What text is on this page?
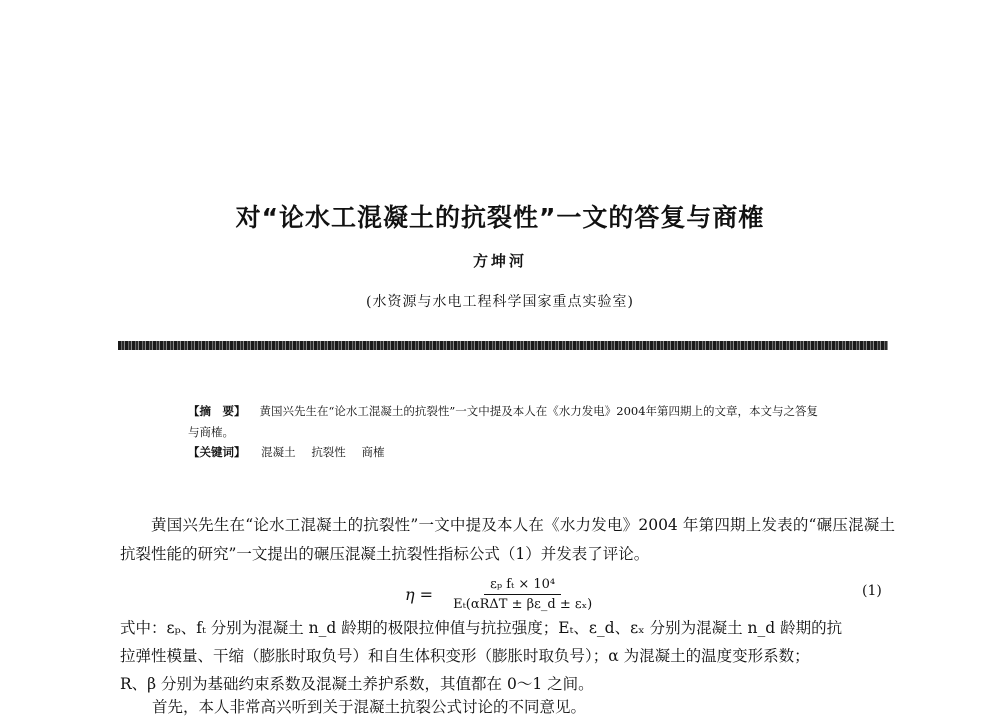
对“论水工混凝土的抗裂性”一文的答复与商榷
方坤河
(水资源与水电工程科学国家重点实验室)
【摘　要】 黄国兴先生在“论水工混凝土的抗裂性”一文中提及本人在《水力发电》2004年第四期上的文章，本文与之答复与商榷。
【关键词】 混凝土 抗裂性 商榷

黄国兴先生在“论水工混凝土的抗裂性”一文中提及本人在《水力发电》2004 年第四期上发表的“碾压混凝土抗裂性能的研究”一文提出的碾压混凝土抗裂性指标公式（1）并发表了评论。

$\eta = \frac{\text{εₚ fₜ × 10⁴}}{\text{Eₜ(αRΔT ± βε\_d ± εₓ)}}$	(1)

式中：εₚ、fₜ 分别为混凝土 n_d 龄期的极限拉伸值与抗拉强度；Eₜ、ε_d、εₓ 分别为混凝土 n_d 龄期的抗

拉弹性模量、干缩（膨胀时取负号）和自生体积变形（膨胀时取负号）；α 为混凝土的温度变形系数；

R、β 分别为基础约束系数及混凝土养护系数，其值都在 0～1 之间。

首先，本人非常高兴听到关于混凝土抗裂公式讨论的不同意见。
